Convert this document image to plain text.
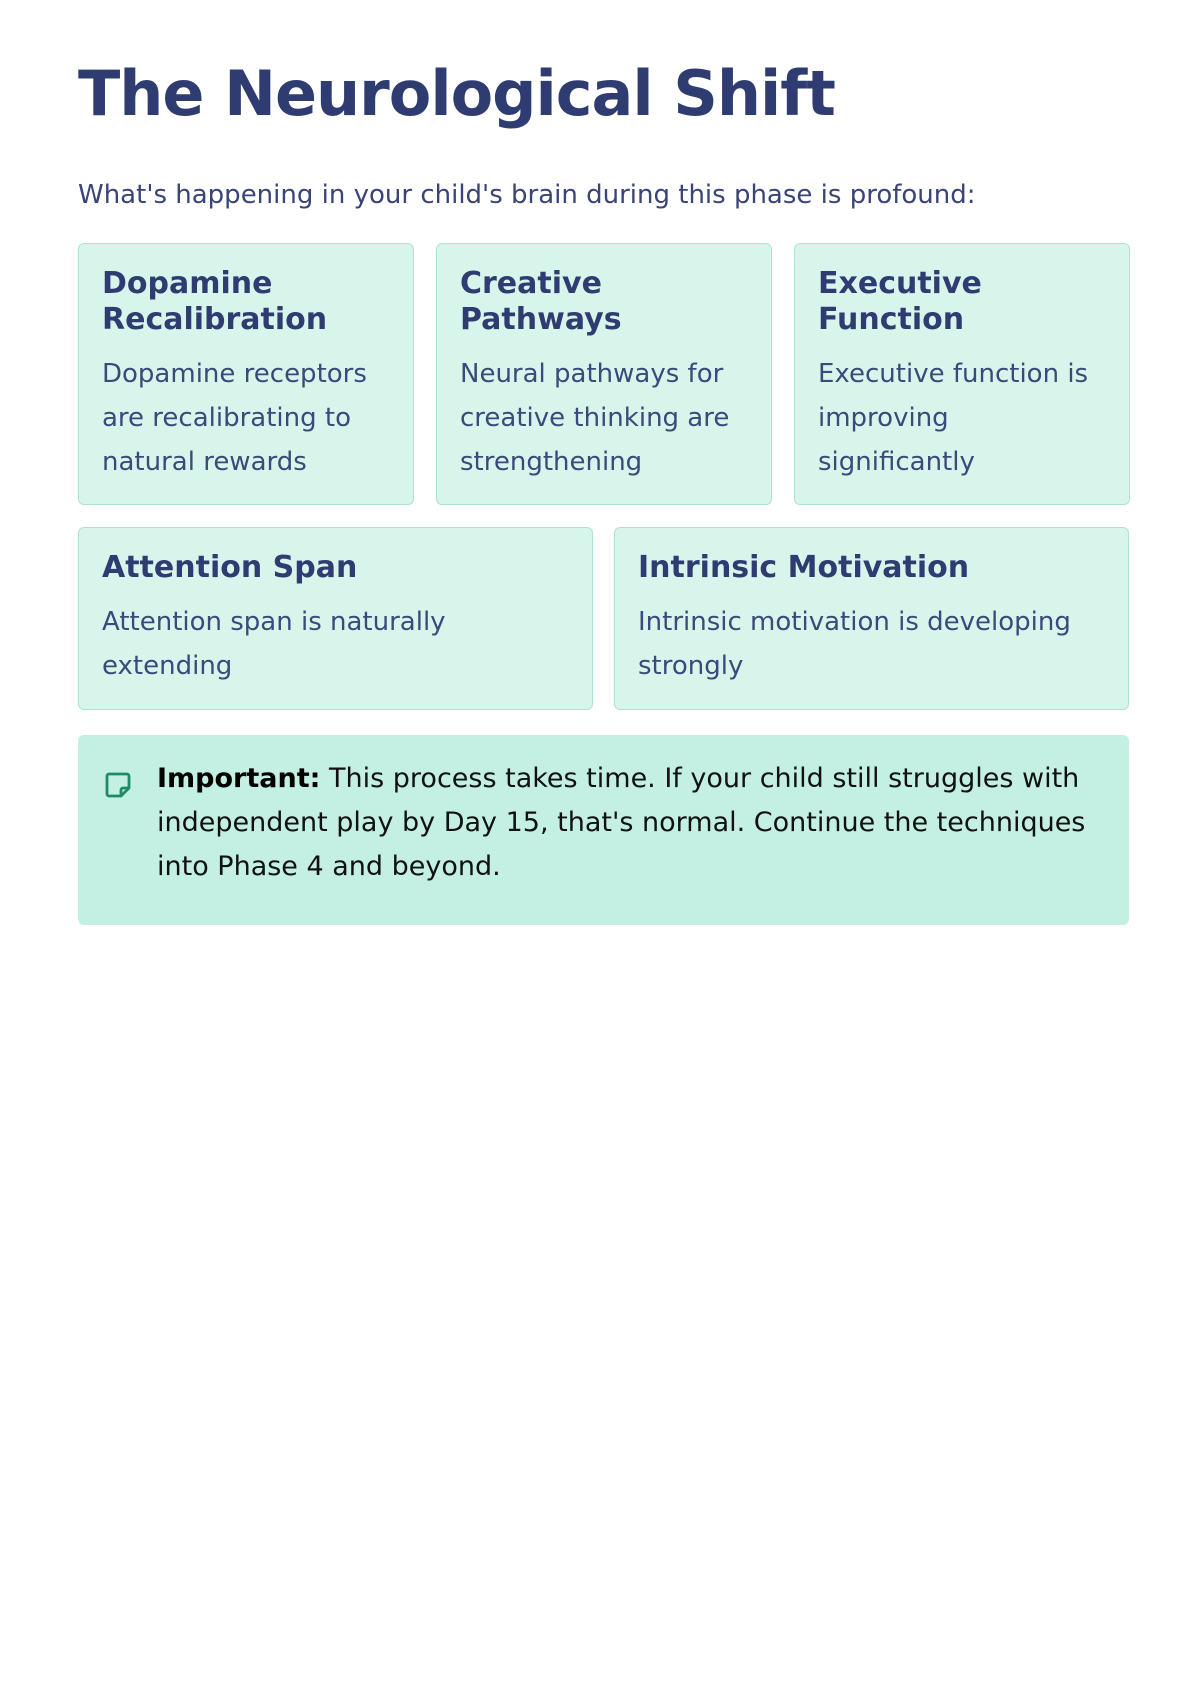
The Neurological Shift
What's happening in your child's brain during this phase is profound:
Dopamine Recalibration

Dopamine receptors are recalibrating to natural rewards

Creative Pathways

Neural pathways for creative thinking are strengthening

Executive Function

Executive function is improving significantly

Attention Span

Attention span is naturally extending

Intrinsic Motivation

Intrinsic motivation is developing strongly

Important: This process takes time. If your child still struggles with independent play by Day 15, that's normal. Continue the techniques into Phase 4 and beyond.
